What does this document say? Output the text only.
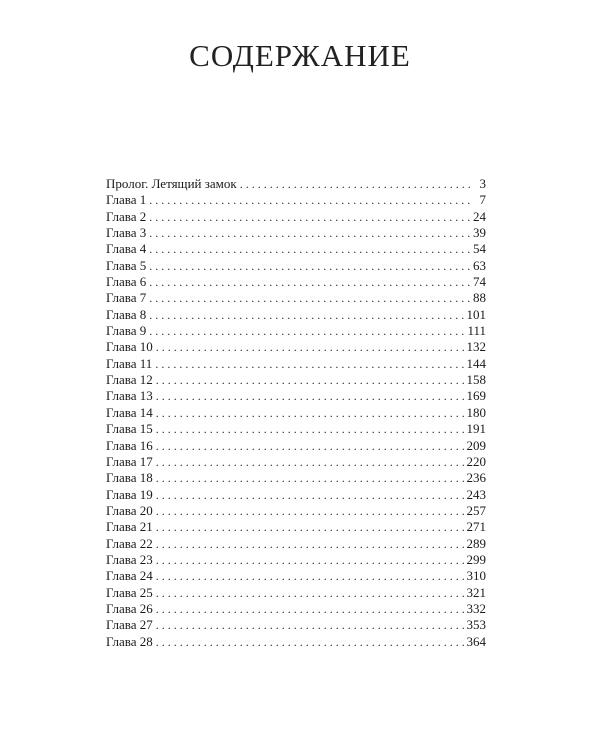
СОДЕРЖАНИЕ
Пролог. Летящий замок . . .	3
Глава 1 . . .	7
Глава 2 . . .	24
Глава 3 . . .	39
Глава 4 . . .	54
Глава 5 . . .	63
Глава 6 . . .	74
Глава 7 . . .	88
Глава 8 . . .	101
Глава 9 . . .	111
Глава 10 . . .	132
Глава 11 . . .	144
Глава 12 . . .	158
Глава 13 . . .	169
Глава 14 . . .	180
Глава 15 . . .	191
Глава 16 . . .	209
Глава 17 . . .	220
Глава 18 . . .	236
Глава 19 . . .	243
Глава 20 . . .	257
Глава 21 . . .	271
Глава 22 . . .	289
Глава 23 . . .	299
Глава 24 . . .	310
Глава 25 . . .	321
Глава 26 . . .	332
Глава 27 . . .	353
Глава 28 . . .	364
